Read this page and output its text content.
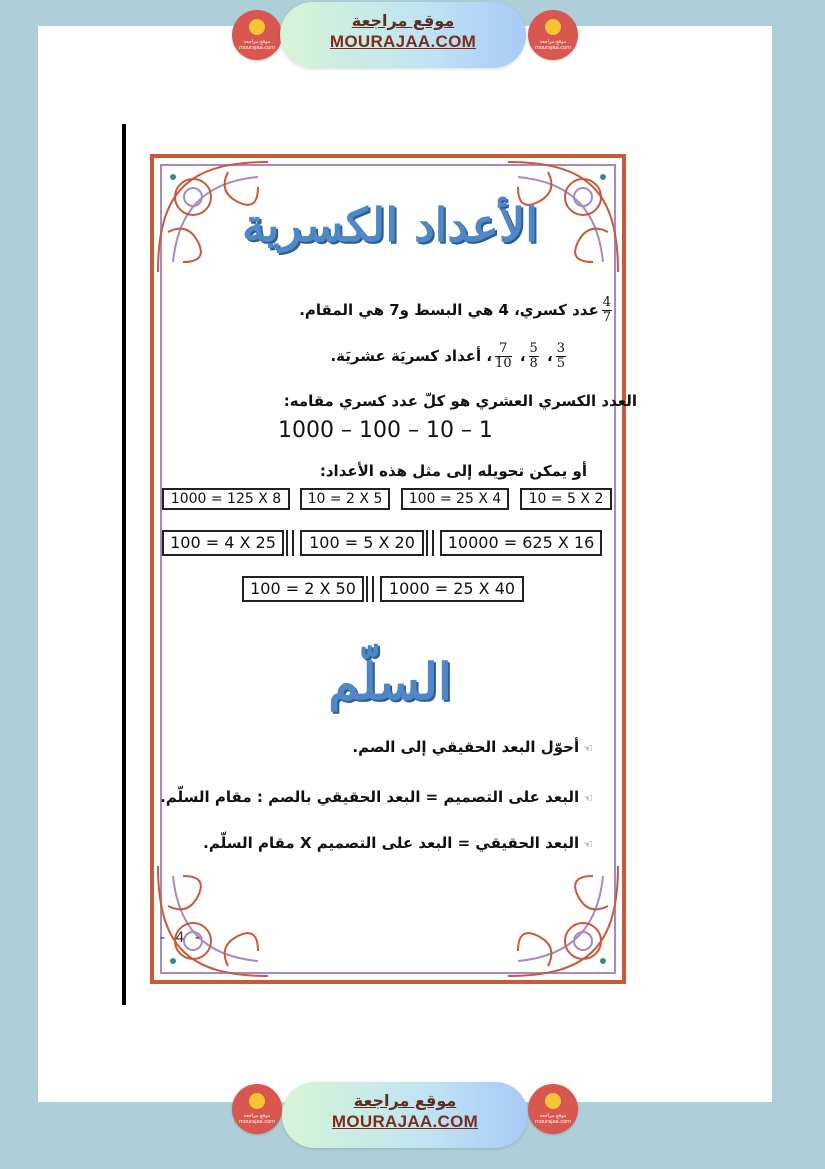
موقع مراجعة
mourajaa.com
موقع مراجعة
MOURAJAA.COM	موقع مراجعة
mourajaa.com
الأعداد الكسرية
$\frac{4}{7}$
عدد كسري، 4 هي البسط و7 هي المقام.
$\frac{3}{5}$
،
$\frac{5}{8}$
،
$\frac{7}{10}$
، أعداد كسريَة عشريَة.
العدد الكسري العشري هو كلّ عدد كسري مقامه:
1000 – 100 – 10 – 1
أو يمكن تحويله إلى مثل هذه الأعداد:
10 = 5 X 2
100 = 25 X 4
10 = 2 X 5
1000 = 125 X 8
10000 = 625 X 16
100 = 5 X 20
100 = 4 X 25
1000 = 25 X 40
100 = 2 X 50
السلّم
☜أحوّل البعد الحقيقي إلى الصم.
☜البعد على التصميم = البعد الحقيقي بالصم : مقام السلّم.
☜البعد الحقيقي = البعد على التصميم X مقام السلّم.
- 4 -
موقع مراجعة
mourajaa.com
موقع مراجعة
MOURAJAA.COM	موقع مراجعة
mourajaa.com
